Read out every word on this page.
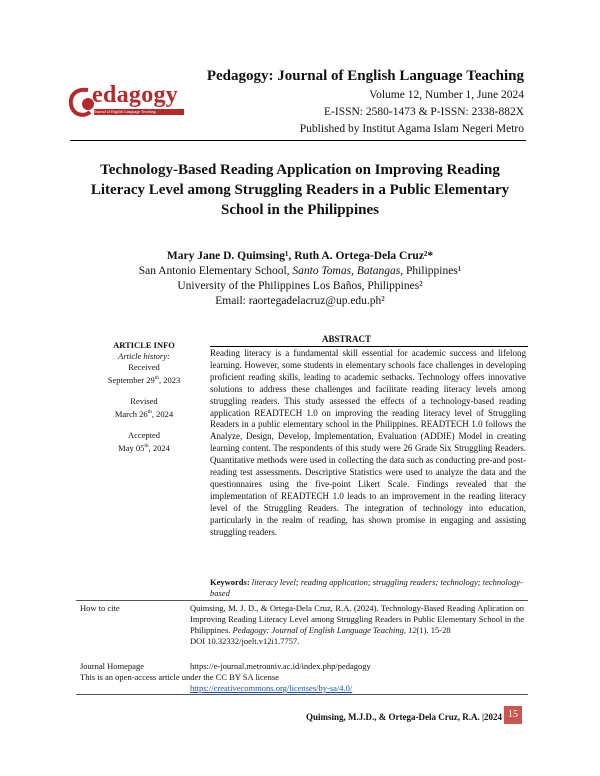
edagogy
Journal of English Language Teaching
Pedagogy: Journal of English Language Teaching
Volume 12, Number 1, June 2024
E-ISSN: 2580-1473 & P-ISSN: 2338-882X
Published by Institut Agama Islam Negeri Metro
Technology-Based Reading Application on Improving Reading
Literacy Level among Struggling Readers in a Public Elementary
School in the Philippines
Mary Jane D. Quimsing¹, Ruth A. Ortega-Dela Cruz²*
San Antonio Elementary School, Santo Tomas, Batangas, Philippines¹
University of the Philippines Los Baños, Philippines²
Email: raortegadelacruz@up.edu.ph²
ARTICLE INFO
Article history:
Received
September 29th, 2023
Revised
March 26th, 2024
Accepted
May 05th, 2024
ABSTRACT
Reading literacy is a fundamental skill essential for academic success and lifelong learning. However, some students in elementary schools face challenges in developing proficient reading skills, leading to academic setbacks. Technology offers innovative solutions to address these challenges and facilitate reading literacy levels among struggling readers. This study assessed the effects of a technology-based reading application READTECH 1.0 on improving the reading literacy level of Struggling Readers in a public elementary school in the Philippines. READTECH 1.0 follows the Analyze, Design, Develop, Implementation, Evaluation (ADDIE) Model in creating learning content. The respondents of this study were 26 Grade Six Struggling Readers. Quantitative methods were used in collecting the data such as conducting pre-and post-reading test assessments. Descriptive Statistics were used to analyze the data and the questionnaires using the five-point Likert Scale. Findings revealed that the implementation of READTECH 1.0 leads to an improvement in the reading literacy level of the Struggling Readers. The integration of technology into education, particularly in the realm of reading, has shown promise in engaging and assisting struggling readers.
Keywords: literacy level; reading application; struggling readers; technology; technology-based
How to cite	Quimsing, M. J. D., & Ortega-Dela Cruz, R.A. (2024). Technology-Based Reading Aplication on Improving Reading Literacy Level among Struggling Readers in Public Elementary School in the Philippines. Pedagogy: Journal of English Language Teaching, 12(1). 15-28
DOI 10.32332/joelt.v12i1.7757.
Journal Homepage	https://e-journal.metrouniv.ac.id/index.php/pedagogy
This is an open-access article under the CC BY SA license
https://creativecommons.org/licenses/by-sa/4.0/
Quimsing, M.J.D., & Ortega-Dela Cruz, R.A. |2024 15
